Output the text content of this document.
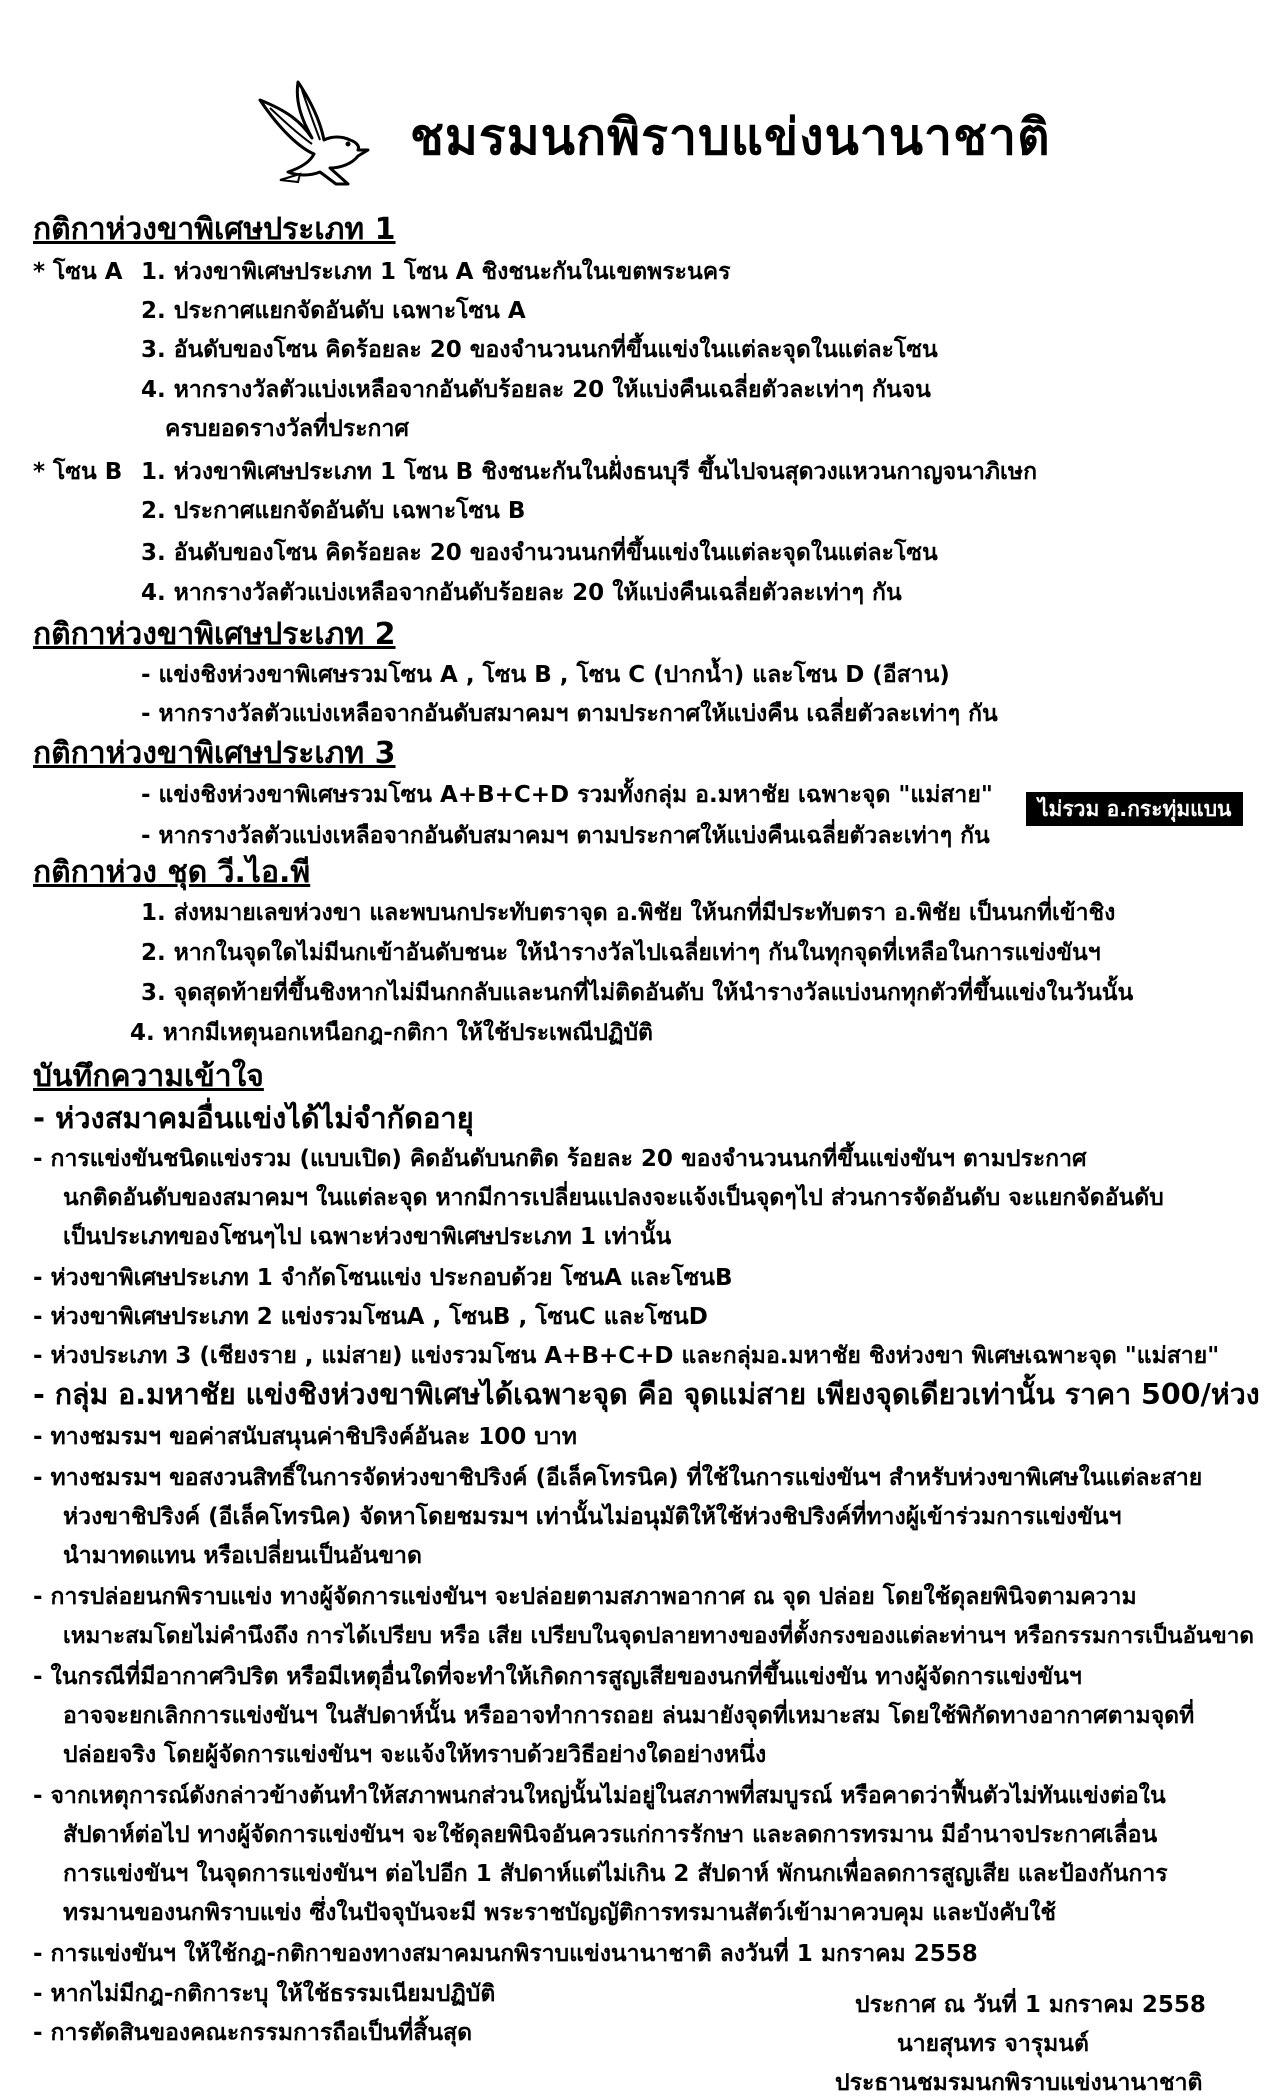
ชมรมนกพิราบแข่งนานาชาติ
กติกาห่วงขาพิเศษประเภท 1
* โซน A 1. ห่วงขาพิเศษประเภท 1 โซน A ชิงชนะกันในเขตพระนคร
2. ประกาศแยกจัดอันดับ เฉพาะโซน A
3. อันดับของโซน คิดร้อยละ 20 ของจำนวนนกที่ขึ้นแข่งในแต่ละจุดในแต่ละโซน
4. หากรางวัลตัวแบ่งเหลือจากอันดับร้อยละ 20 ให้แบ่งคืนเฉลี่ยตัวละเท่าๆ กันจน
ครบยอดรางวัลที่ประกาศ
* โซน B 1. ห่วงขาพิเศษประเภท 1 โซน B ชิงชนะกันในฝั่งธนบุรี ขึ้นไปจนสุดวงแหวนกาญจนาภิเษก
2. ประกาศแยกจัดอันดับ เฉพาะโซน B
3. อันดับของโซน คิดร้อยละ 20 ของจำนวนนกที่ขึ้นแข่งในแต่ละจุดในแต่ละโซน
4. หากรางวัลตัวแบ่งเหลือจากอันดับร้อยละ 20 ให้แบ่งคืนเฉลี่ยตัวละเท่าๆ กัน
กติกาห่วงขาพิเศษประเภท 2
- แข่งชิงห่วงขาพิเศษรวมโซน A , โซน B , โซน C (ปากน้ำ) และโซน D (อีสาน)
- หากรางวัลตัวแบ่งเหลือจากอันดับสมาคมฯ ตามประกาศให้แบ่งคืน เฉลี่ยตัวละเท่าๆ กัน
กติกาห่วงขาพิเศษประเภท 3
- แข่งชิงห่วงขาพิเศษรวมโซน A+B+C+D รวมทั้งกลุ่ม อ.มหาชัย เฉพาะจุด "แม่สาย"
- หากรางวัลตัวแบ่งเหลือจากอันดับสมาคมฯ ตามประกาศให้แบ่งคืนเฉลี่ยตัวละเท่าๆ กัน
กติกาห่วง ชุด วี.ไอ.พี
1. ส่งหมายเลขห่วงขา และพบนกประทับตราจุด อ.พิชัย ให้นกที่มีประทับตรา อ.พิชัย เป็นนกที่เข้าชิง
2. หากในจุดใดไม่มีนกเข้าอันดับชนะ ให้นำรางวัลไปเฉลี่ยเท่าๆ กันในทุกจุดที่เหลือในการแข่งขันฯ
3. จุดสุดท้ายที่ขึ้นชิงหากไม่มีนกกลับและนกที่ไม่ติดอันดับ ให้นำรางวัลแบ่งนกทุกตัวที่ขึ้นแข่งในวันนั้น
4. หากมีเหตุนอกเหนือกฎ-กติกา ให้ใช้ประเพณีปฏิบัติ
บันทึกความเข้าใจ
- ห่วงสมาคมอื่นแข่งได้ไม่จำกัดอายุ
- การแข่งขันชนิดแข่งรวม (แบบเปิด) คิดอันดับนกติด ร้อยละ 20 ของจำนวนนกที่ขึ้นแข่งขันฯ ตามประกาศ
นกติดอันดับของสมาคมฯ ในแต่ละจุด หากมีการเปลี่ยนแปลงจะแจ้งเป็นจุดๆไป ส่วนการจัดอันดับ จะแยกจัดอันดับ
เป็นประเภทของโซนๆไป เฉพาะห่วงขาพิเศษประเภท 1 เท่านั้น
- ห่วงขาพิเศษประเภท 1 จำกัดโซนแข่ง ประกอบด้วย โซนA และโซนB
- ห่วงขาพิเศษประเภท 2 แข่งรวมโซนA , โซนB , โซนC และโซนD
- ห่วงประเภท 3 (เชียงราย , แม่สาย) แข่งรวมโซน A+B+C+D และกลุ่มอ.มหาชัย ชิงห่วงขา พิเศษเฉพาะจุด "แม่สาย"
- กลุ่ม อ.มหาชัย แข่งชิงห่วงขาพิเศษได้เฉพาะจุด คือ จุดแม่สาย เพียงจุดเดียวเท่านั้น ราคา 500/ห่วง
- ทางชมรมฯ ขอค่าสนับสนุนค่าชิปริงค์อันละ 100 บาท
- ทางชมรมฯ ขอสงวนสิทธิ์ในการจัดห่วงขาชิปริงค์ (อีเล็คโทรนิค) ที่ใช้ในการแข่งขันฯ สำหรับห่วงขาพิเศษในแต่ละสาย
ห่วงขาชิปริงค์ (อีเล็คโทรนิค) จัดหาโดยชมรมฯ เท่านั้นไม่อนุมัติให้ใช้ห่วงชิปริงค์ที่ทางผู้เข้าร่วมการแข่งขันฯ
นำมาทดแทน หรือเปลี่ยนเป็นอันขาด
- การปล่อยนกพิราบแข่ง ทางผู้จัดการแข่งขันฯ จะปล่อยตามสภาพอากาศ ณ จุด ปล่อย โดยใช้ดุลยพินิจตามความ
เหมาะสมโดยไม่คำนึงถึง การได้เปรียบ หรือ เสีย เปรียบในจุดปลายทางของที่ตั้งกรงของแต่ละท่านฯ หรือกรรมการเป็นอันขาด
- ในกรณีที่มีอากาศวิปริต หรือมีเหตุอื่นใดที่จะทำให้เกิดการสูญเสียของนกที่ขึ้นแข่งขัน ทางผู้จัดการแข่งขันฯ
อาจจะยกเลิกการแข่งขันฯ ในสัปดาห์นั้น หรืออาจทำการถอย ล่นมายังจุดที่เหมาะสม โดยใช้พิกัดทางอากาศตามจุดที่
ปล่อยจริง โดยผู้จัดการแข่งขันฯ จะแจ้งให้ทราบด้วยวิธีอย่างใดอย่างหนึ่ง
- จากเหตุการณ์ดังกล่าวข้างต้นทำให้สภาพนกส่วนใหญ่นั้นไม่อยู่ในสภาพที่สมบูรณ์ หรือคาดว่าฟื้นตัวไม่ทันแข่งต่อใน
สัปดาห์ต่อไป ทางผู้จัดการแข่งขันฯ จะใช้ดุลยพินิจอันควรแก่การรักษา และลดการทรมาน มีอำนาจประกาศเลื่อน
การแข่งขันฯ ในจุดการแข่งขันฯ ต่อไปอีก 1 สัปดาห์แต่ไม่เกิน 2 สัปดาห์ พักนกเพื่อลดการสูญเสีย และป้องกันการ
ทรมานของนกพิราบแข่ง ซึ่งในปัจจุบันจะมี พระราชบัญญัติการทรมานสัตว์เข้ามาควบคุม และบังคับใช้
- การแข่งขันฯ ให้ใช้กฎ-กติกาของทางสมาคมนกพิราบแข่งนานาชาติ ลงวันที่ 1 มกราคม 2558
- หากไม่มีกฎ-กติการะบุ ให้ใช้ธรรมเนียมปฏิบัติ
- การตัดสินของคณะกรรมการถือเป็นที่สิ้นสุด
ประกาศ ณ วันที่ 1 มกราคม 2558
นายสุนทร จารุมนต์
ประธานชมรมนกพิราบแข่งนานาชาติ
ไม่รวม อ.กระทุ่มแบน
